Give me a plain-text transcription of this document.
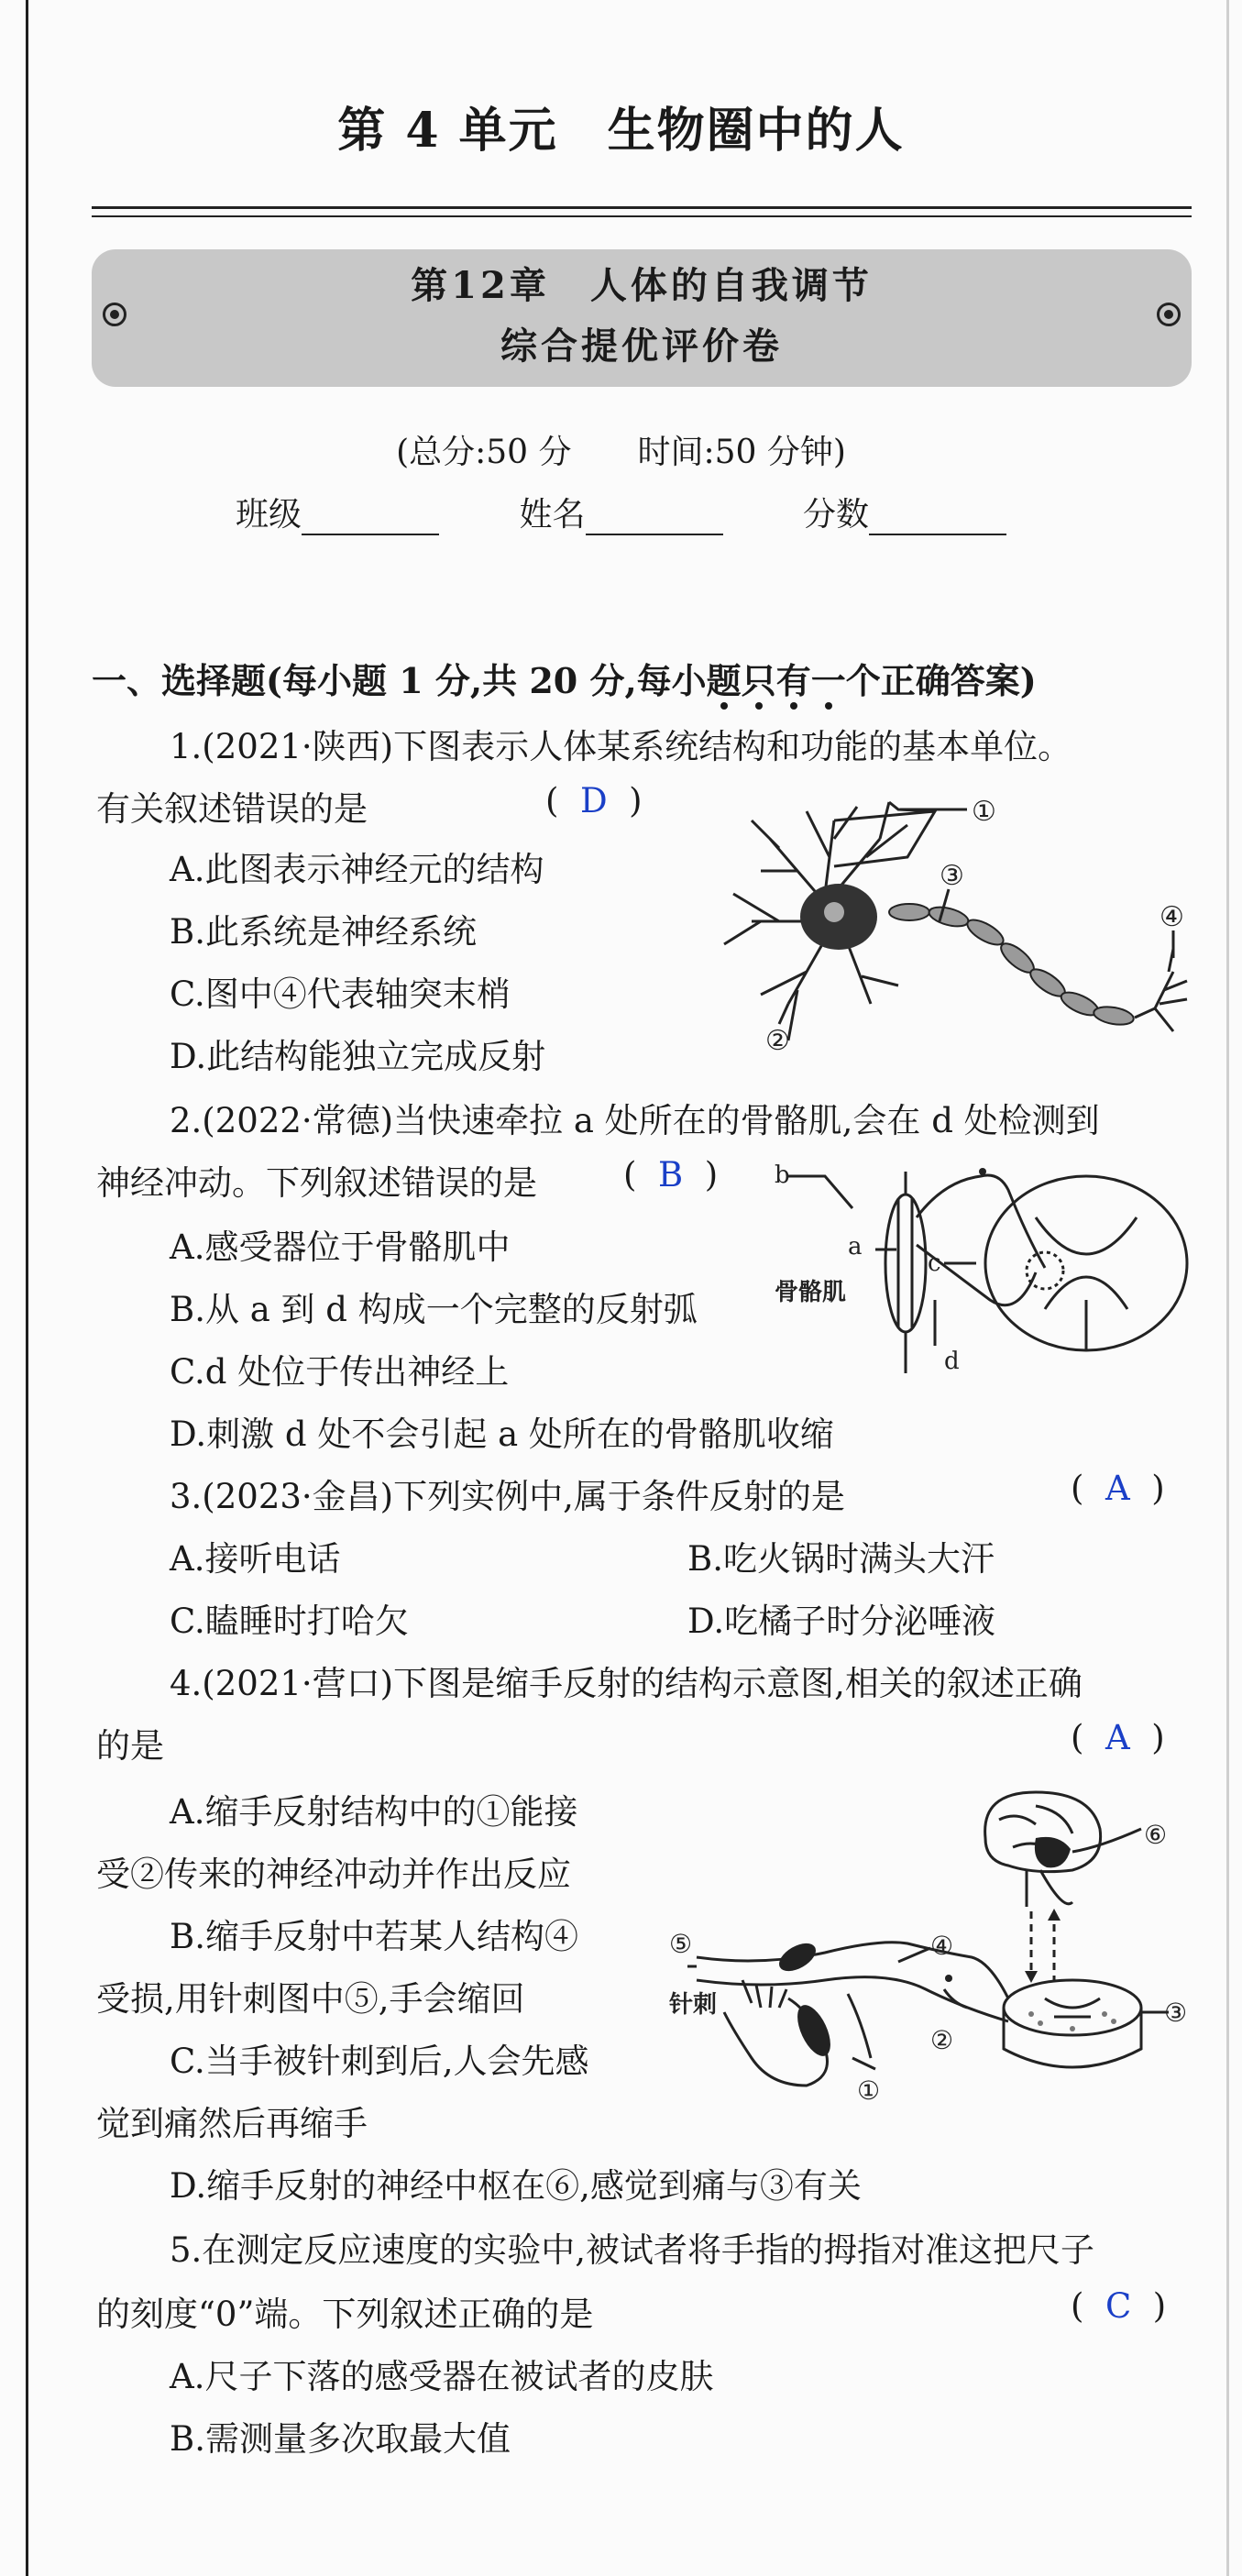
第 4 单元　生物圈中的人
第12章　人体的自我调节
综合提优评价卷
(总分:50 分　　时间:50 分钟)
班级	姓名	分数
一、选择题(每小题 1 分,共 20 分,每小题只有一个正确答案)
1.(2021·陕西)下图表示人体某系统结构和功能的基本单位。
有关叙述错误的是	(  D  )
A.此图表示神经元的结构
B.此系统是神经系统
C.图中④代表轴突末梢
D.此结构能独立完成反射
①
②
③
④
2.(2022·常德)当快速牵拉 a 处所在的骨骼肌,会在 d 处检测到
神经冲动。下列叙述错误的是	(  B  )
A.感受器位于骨骼肌中
B.从 a 到 d 构成一个完整的反射弧
C.d 处位于传出神经上
D.刺激 d 处不会引起 a 处所在的骨骼肌收缩
b
a
c
d
骨骼肌
3.(2023·金昌)下列实例中,属于条件反射的是	(  A  )
A.接听电话	B.吃火锅时满头大汗
C.瞌睡时打哈欠	D.吃橘子时分泌唾液
4.(2021·营口)下图是缩手反射的结构示意图,相关的叙述正确
的是	(  A  )
A.缩手反射结构中的①能接
受②传来的神经冲动并作出反应
B.缩手反射中若某人结构④
受损,用针刺图中⑤,手会缩回
C.当手被针刺到后,人会先感
觉到痛然后再缩手
D.缩手反射的神经中枢在⑥,感觉到痛与③有关
⑥
⑤	④
③
②
①
针刺
5.在测定反应速度的实验中,被试者将手指的拇指对准这把尺子
的刻度“0”端。下列叙述正确的是	(  C  )
A.尺子下落的感受器在被试者的皮肤
B.需测量多次取最大值
